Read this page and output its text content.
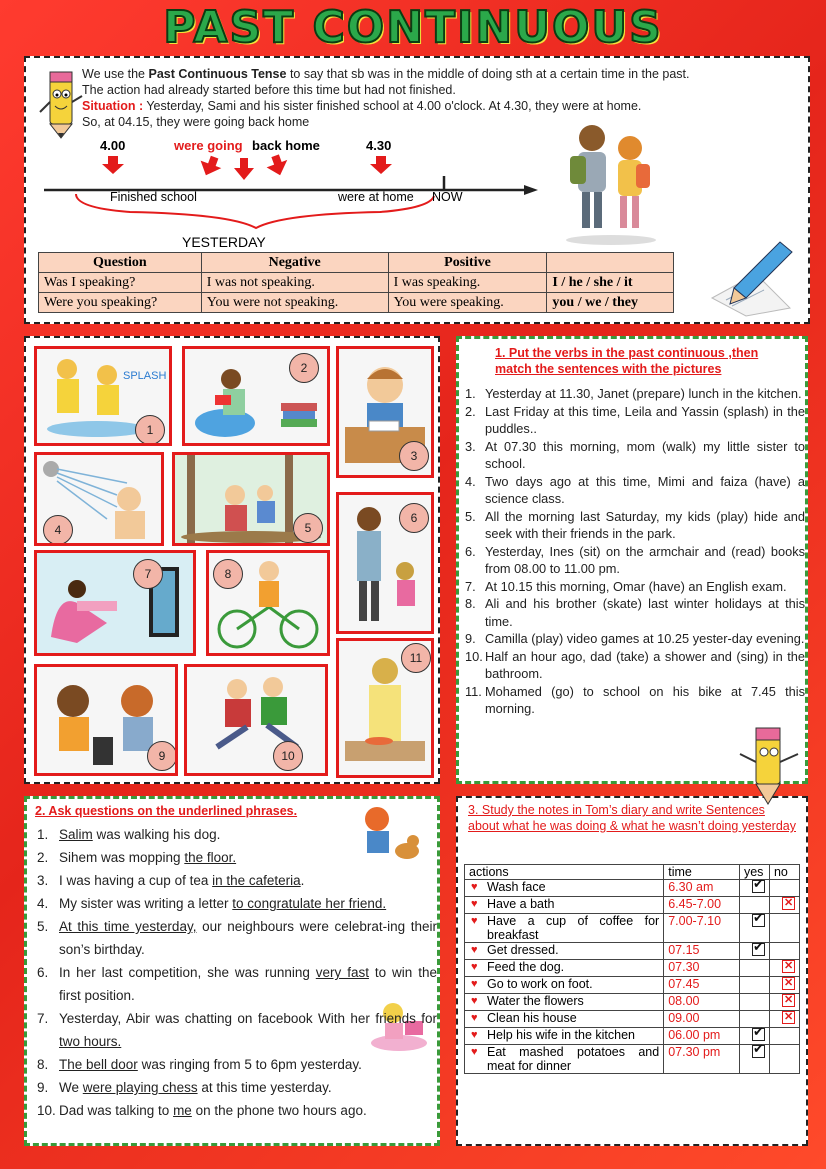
PAST CONTINUOUS
We use the Past Continuous Tense to say that sb was in the middle of doing sth at a certain time in the past.
The action had already started before this time but had not finished.
Situation : Yesterday, Sami and his sister finished school at 4.00 o'clock. At 4.30, they were at home.
So, at 04.15, they were going back home
4.00	were going back home	4.30
Finished school	were at home NOW
YESTERDAY
Question	Negative	Positive	
Was I speaking?	I was not speaking.	I was speaking.	I / he / she / it
Were you speaking?	You were not speaking.	You were speaking.	you / we / they
SPLASH
1
2
3
4	5
6
7	8
11
9	10
1. Put the verbs in the past continuous ,then match the sentences with the pictures
1. Yesterday at 11.30, Janet (prepare) lunch in the kitchen.
2. Last Friday at this time, Leila and Yassin (splash) in the puddles..
3. At 07.30 this morning, mom (walk) my little sister to school.
4. Two days ago at this time, Mimi and faiza (have) a science class.
5. All the morning last Saturday, my kids (play) hide and seek with their friends in the park.
6. Yesterday, Ines (sit) on the armchair and (read) books from 08.00 to 11.00 pm.
7. At 10.15 this morning, Omar (have) an English exam.
8. Ali and his brother (skate) last winter holidays at this time.
9. Camilla (play) video games at 10.25 yester-day evening.
10. Half an hour ago, dad (take) a shower and (sing) in the bathroom.
11. Mohamed (go) to school on his bike at 7.45 this morning.
2. Ask questions on the underlined phrases.
1. Salim was walking his dog.
2. Sihem was mopping the floor.
3. I was having a cup of tea in the cafeteria.
4. My sister was writing a letter to congratulate her friend.
5. At this time yesterday, our neighbours were celebrat-ing their son’s birthday.
6. In her last competition, she was running very fast to win the first position.
7. Yesterday, Abir was chatting on facebook With her friends for two hours.
8. The bell door was ringing from 5 to 6pm yesterday.
9. We were playing chess at this time yesterday.
10. Dad was talking to me on the phone two hours ago.
3. Study the notes in Tom’s diary and write Sentences about what he was doing & what he wasn’t doing yesterday
actions	time	yes	no

♥ Wash face	6.30 am	✔	

♥ Have a bath	6.45-7.00		✕

♥ Have a cup of coffee for breakfast	7.00-7.10	✔	

♥ Get dressed.	07.15	✔	

♥ Feed the dog.	07.30		✕

♥ Go to work on foot.	07.45		✕

♥ Water the flowers	08.00		✕

♥ Clean his house	09.00		✕

♥ Help his wife in the kitchen	06.00 pm	✔	

♥ Eat mashed potatoes and meat for dinner	07.30 pm	✔	
